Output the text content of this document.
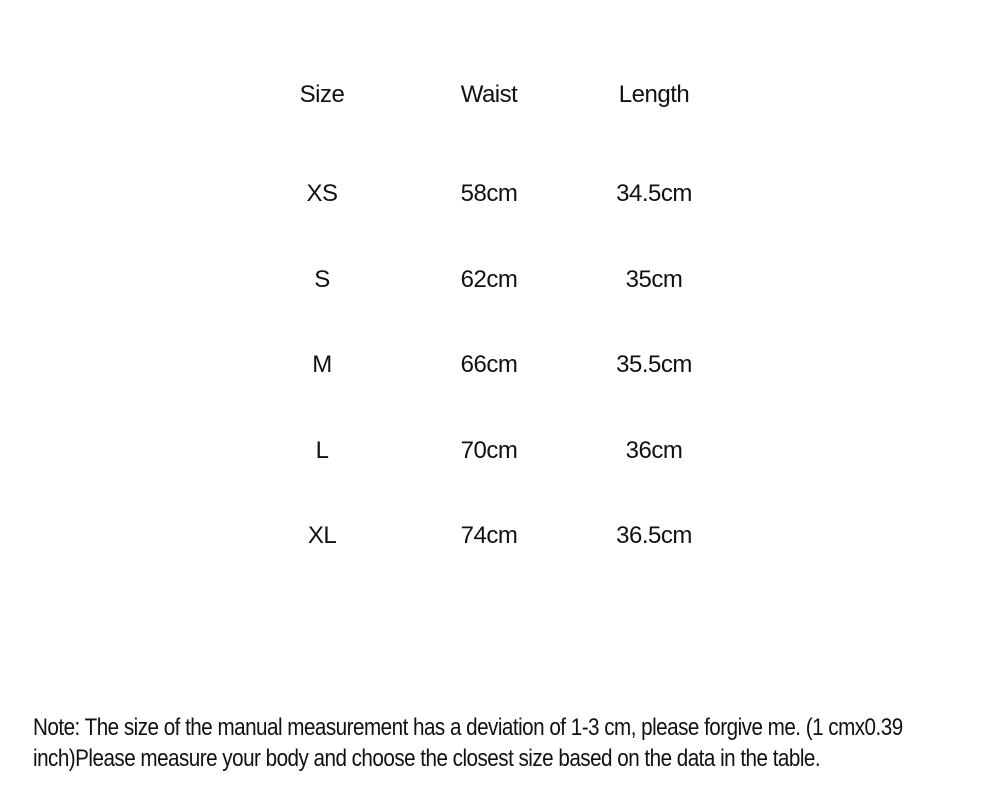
Size	Waist	Length
XS	58cm	34.5cm
S	62cm	35cm
M	66cm	35.5cm
L	70cm	36cm
XL	74cm	36.5cm
Note: The size of the manual measurement has a deviation of 1-3 cm, please forgive me. (1 cmx0.39
inch)Please measure your body and choose the closest size based on the data in the table.
